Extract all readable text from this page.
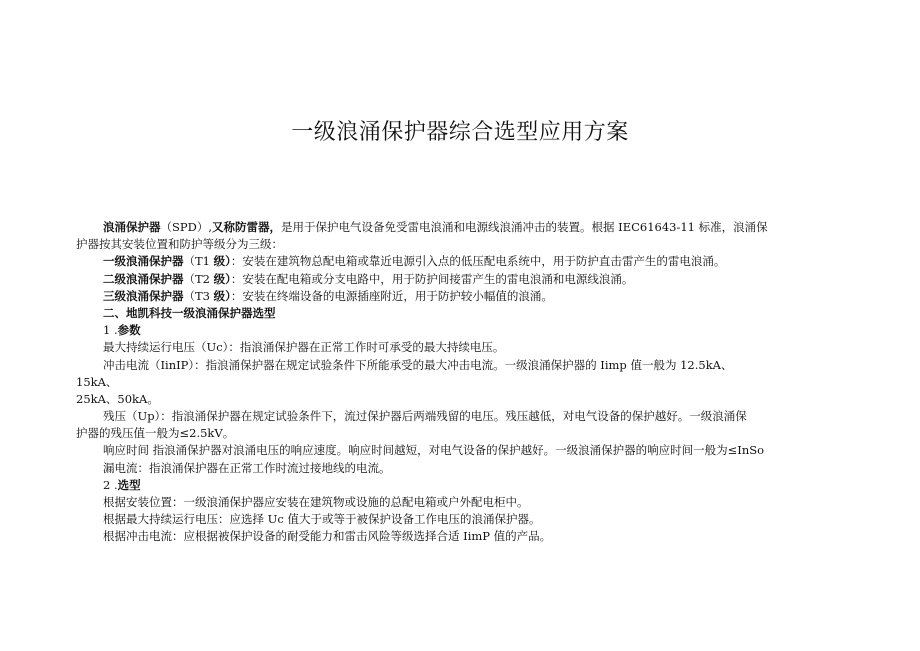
一级浪涌保护器综合选型应用方案
浪涌保护器（SPD）,又称防雷器，是用于保护电气设备免受雷电浪涌和电源线浪涌冲击的装置。根据 IEC61643-11 标准，浪涌保
护器按其安装位置和防护等级分为三级：
一级浪涌保护器（T1 级）：安装在建筑物总配电箱或靠近电源引入点的低压配电系统中，用于防护直击雷产生的雷电浪涌。
二级浪涌保护器（T2 级）：安装在配电箱或分支电路中，用于防护间接雷产生的雷电浪涌和电源线浪涌。
三级浪涌保护器（T3 级）：安装在终端设备的电源插座附近，用于防护较小幅值的浪涌。
二、地凯科技一级浪涌保护器选型
1 .参数
最大持续运行电压（Uc）：指浪涌保护器在正常工作时可承受的最大持续电压。
冲击电流（IinIP）：指浪涌保护器在规定试验条件下所能承受的最大冲击电流。一级浪涌保护器的 Iimp 值一般为 12.5kA、
15kA、
25kA、50kA。
残压（Up）：指浪涌保护器在规定试验条件下，流过保护器后两端残留的电压。残压越低，对电气设备的保护越好。一级浪涌保
护器的残压值一般为≤2.5kV。
响应时间 指浪涌保护器对浪涌电压的响应速度。响应时间越短，对电气设备的保护越好。一级浪涌保护器的响应时间一般为≤InSo
漏电流：指浪涌保护器在正常工作时流过接地线的电流。
2 .选型
根据安装位置：一级浪涌保护器应安装在建筑物或设施的总配电箱或户外配电柜中。
根据最大持续运行电压：应选择 Uc 值大于或等于被保护设备工作电压的浪涌保护器。
根据冲击电流：应根据被保护设备的耐受能力和雷击风险等级选择合适 IimP 值的产品。
